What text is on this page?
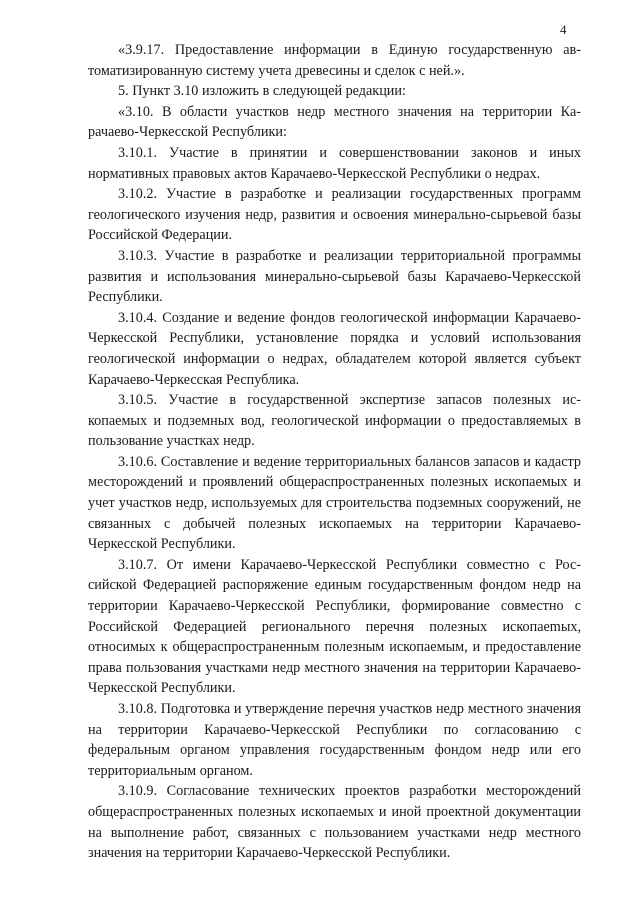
4

«3.9.17. Предоставление информации в Единую государственную автоматизированную систему учета древесины и сделок с ней.».

5. Пункт 3.10 изложить в следующей редакции:

«3.10. В области участков недр местного значения на территории Карачаево-Черкесской Республики:

3.10.1. Участие в принятии и совершенствовании законов и иных нормативных правовых актов Карачаево-Черкесской Республики о недрах.

3.10.2. Участие в разработке и реализации государственных программ геологического изучения недр, развития и освоения минерально-сырьевой базы Российской Федерации.

3.10.3. Участие в разработке и реализации территориальной программы развития и использования минерально-сырьевой базы Карачаево-Черкесской Республики.

3.10.4. Создание и ведение фондов геологической информации Карачаево-Черкесской Республики, установление порядка и условий использования геологической информации о недрах, обладателем которой является субъект Карачаево-Черкесская Республика.

3.10.5. Участие в государственной экспертизе запасов полезных ископаемых и подземных вод, геологической информации о предоставляемых в пользование участках недр.

3.10.6. Составление и ведение территориальных балансов запасов и кадастр месторождений и проявлений общераспространенных полезных ископаемых и учет участков недр, используемых для строительства подземных сооружений, не связанных с добычей полезных ископаемых на территории Карачаево-Черкесской Республики.

3.10.7. От имени Карачаево-Черкесской Республики совместно с Российской Федерацией распоряжение единым государственным фондом недр на территории Карачаево-Черкесской Республики, формирование совместно с Российской Федерацией регионального перечня полезных ископаеmых, относимых к общераспространенным полезным ископаемым, и предоставление права пользования участками недр местного значения на территории Карачаево-Черкесской Республики.

3.10.8. Подготовка и утверждение перечня участков недр местного значения на территории Карачаево-Черкесской Республики по согласованию с федеральным органом управления государственным фондом недр или его территориальным органом.

3.10.9. Согласование технических проектов разработки месторождений общераспространенных полезных ископаемых и иной проектной документации на выполнение работ, связанных с пользованием участками недр местного значения на территории Карачаево-Черкесской Республики.
